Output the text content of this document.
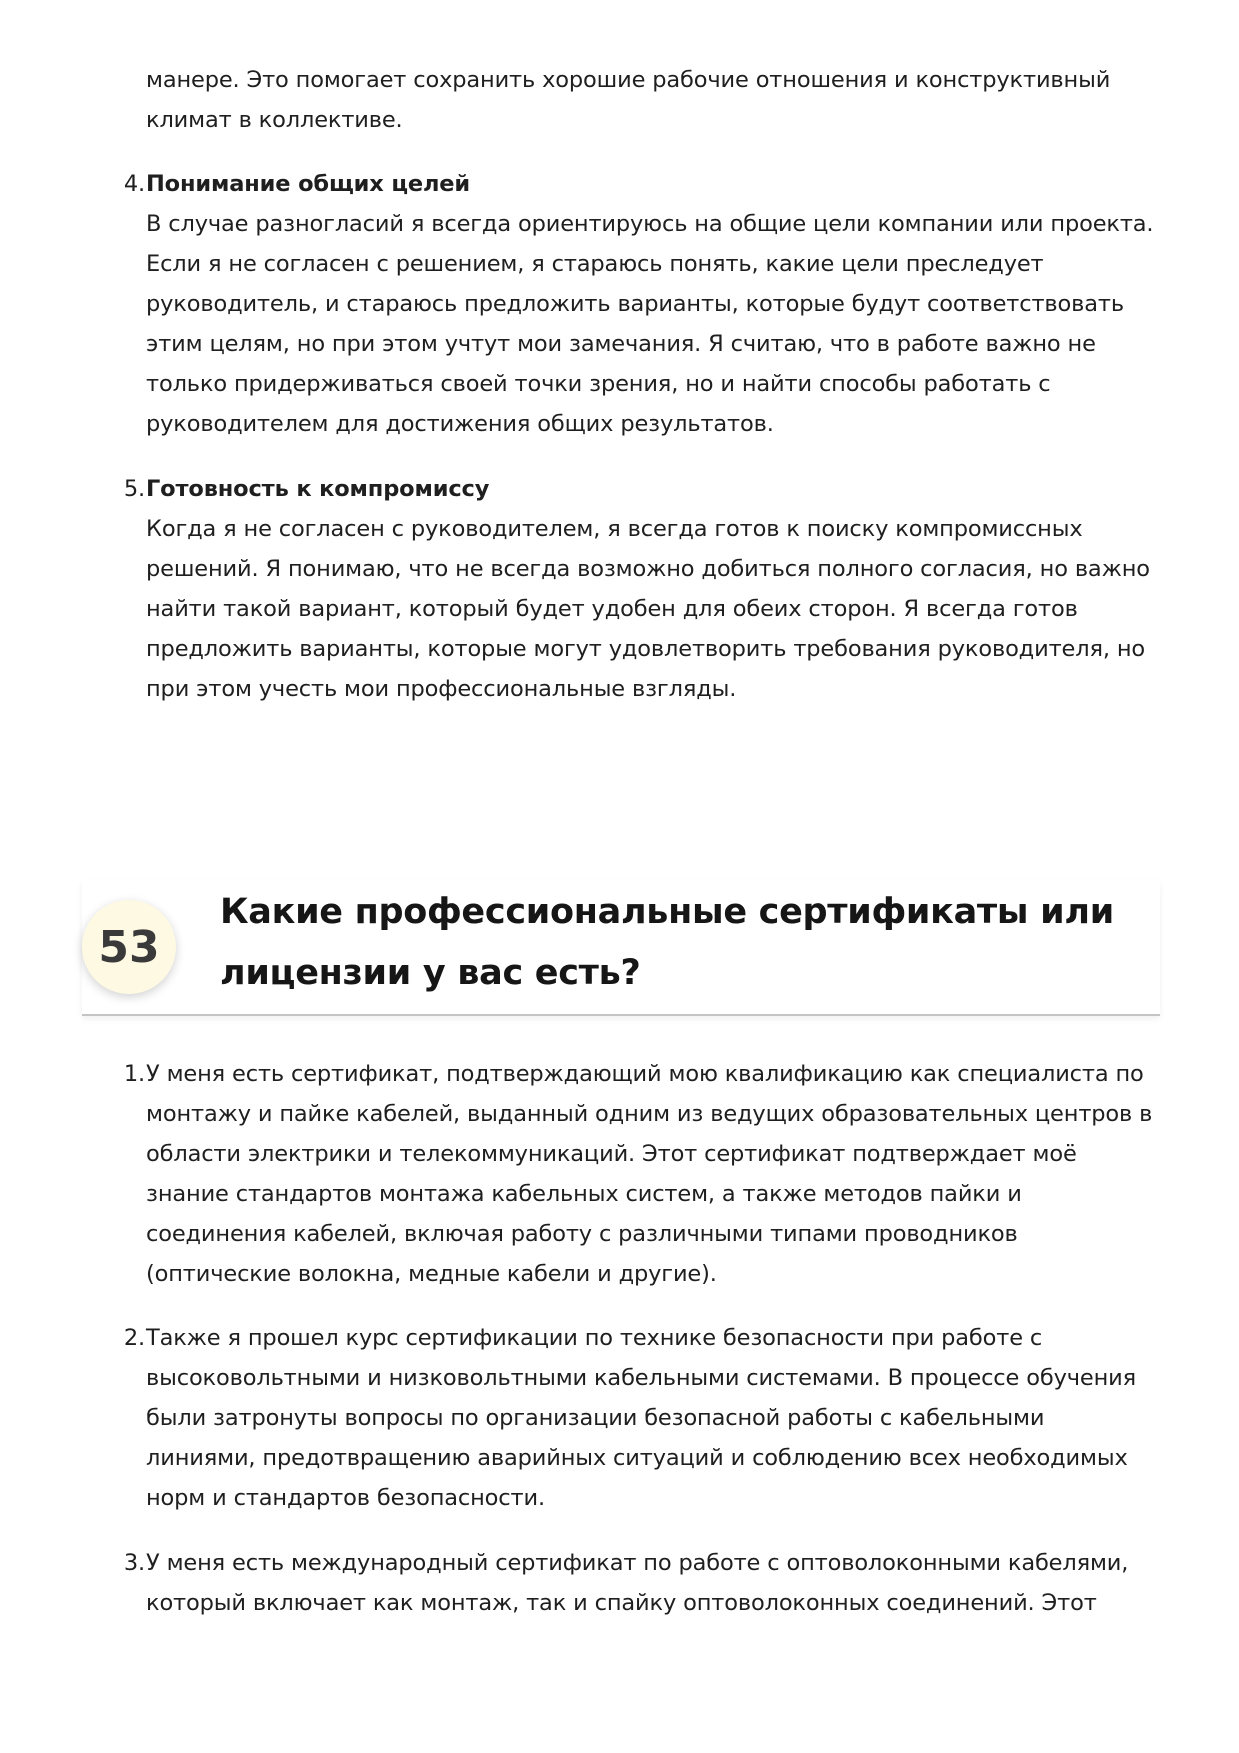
манере. Это помогает сохранить хорошие рабочие отношения и конструктивный климат в коллективе.
4. Понимание общих целей
В случае разногласий я всегда ориентируюсь на общие цели компании или проекта. Если я не согласен с решением, я стараюсь понять, какие цели преследует руководитель, и стараюсь предложить варианты, которые будут соответствовать этим целям, но при этом учтут мои замечания. Я считаю, что в работе важно не только придерживаться своей точки зрения, но и найти способы работать с руководителем для достижения общих результатов.
5. Готовность к компромиссу
Когда я не согласен с руководителем, я всегда готов к поиску компромиссных решений. Я понимаю, что не всегда возможно добиться полного согласия, но важно найти такой вариант, который будет удобен для обеих сторон. Я всегда готов предложить варианты, которые могут удовлетворить требования руководителя, но при этом учесть мои профессиональные взгляды.
53
Какие профессиональные сертификаты или лицензии у вас есть?
1. У меня есть сертификат, подтверждающий мою квалификацию как специалиста по монтажу и пайке кабелей, выданный одним из ведущих образовательных центров в области электрики и телекоммуникаций. Этот сертификат подтверждает моё знание стандартов монтажа кабельных систем, а также методов пайки и соединения кабелей, включая работу с различными типами проводников (оптические волокна, медные кабели и другие).
2. Также я прошел курс сертификации по технике безопасности при работе с высоковольтными и низковольтными кабельными системами. В процессе обучения были затронуты вопросы по организации безопасной работы с кабельными линиями, предотвращению аварийных ситуаций и соблюдению всех необходимых норм и стандартов безопасности.
3. У меня есть международный сертификат по работе с оптоволоконными кабелями, который включает как монтаж, так и спайку оптоволоконных соединений. Этот
